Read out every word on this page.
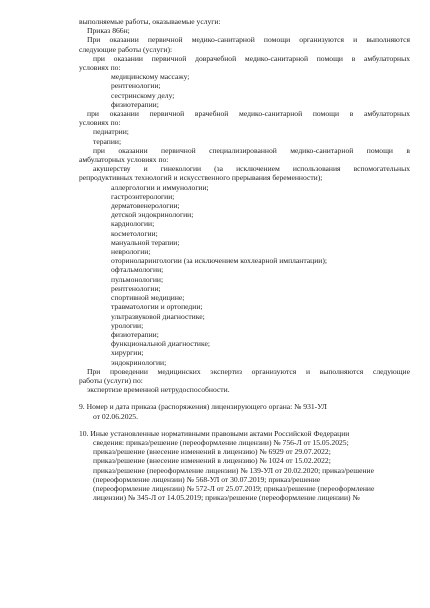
выполняемые работы, оказываемые услуги:
Приказ 866н;
При оказании первичной медико-санитарной помощи организуются и выполняются
следующие работы (услуги):
при оказании первичной доврачебной медико-санитарной помощи в амбулаторных
условиях по:
медицинскому массажу;
рентгенологии;
сестринскому делу;
физиотерапии;
при оказании первичной врачебной медико-санитарной помощи в амбулаторных
условиях по:
педиатрии;
терапии;
при оказании первичной специализированной медико-санитарной помощи в
амбулаторных условиях по:
акушерству и гинекологии (за исключением использования вспомогательных
репродуктивных технологий и искусственного прерывания беременности);
аллергологии и иммунологии;
гастроэнтерологии;
дерматовенерологии;
детской эндокринологии;
кардиологии;
косметологии;
мануальной терапии;
неврологии;
оториноларингологии (за исключением кохлеарной имплантации);
офтальмологии;
пульмонологии;
рентгенологии;
спортивной медицине;
травматологии и ортопедии;
ультразвуковой диагностике;
урологии;
физиотерапии;
функциональной диагностике;
хирургии;
эндокринологии;
При проведении медицинских экспертиз организуются и выполняются следующие
работы (услуги) по:
экспертизе временной нетрудоспособности.
9. Номер и дата приказа (распоряжения) лицензирующего органа: № 931-УЛ
от 02.06.2025.
10. Иные установленные нормативными правовыми актами Российской Федерации
сведения: приказ/решение (переоформление лицензии) № 756-Л от 15.05.2025;
приказ/решение (внесение изменений в лицензию) № 6929 от 29.07.2022;
приказ/решение (внесение изменений в лицензию) № 1024 от 15.02.2022;
приказ/решение (переоформление лицензии) № 139-УЛ от 20.02.2020; приказ/решение
(переоформление лицензии) № 568-УЛ от 30.07.2019; приказ/решение
(переоформление лицензии) № 572-Л от 25.07.2019; приказ/решение (переоформление
лицензии) № 345-Л от 14.05.2019; приказ/решение (переоформление лицензии) №
